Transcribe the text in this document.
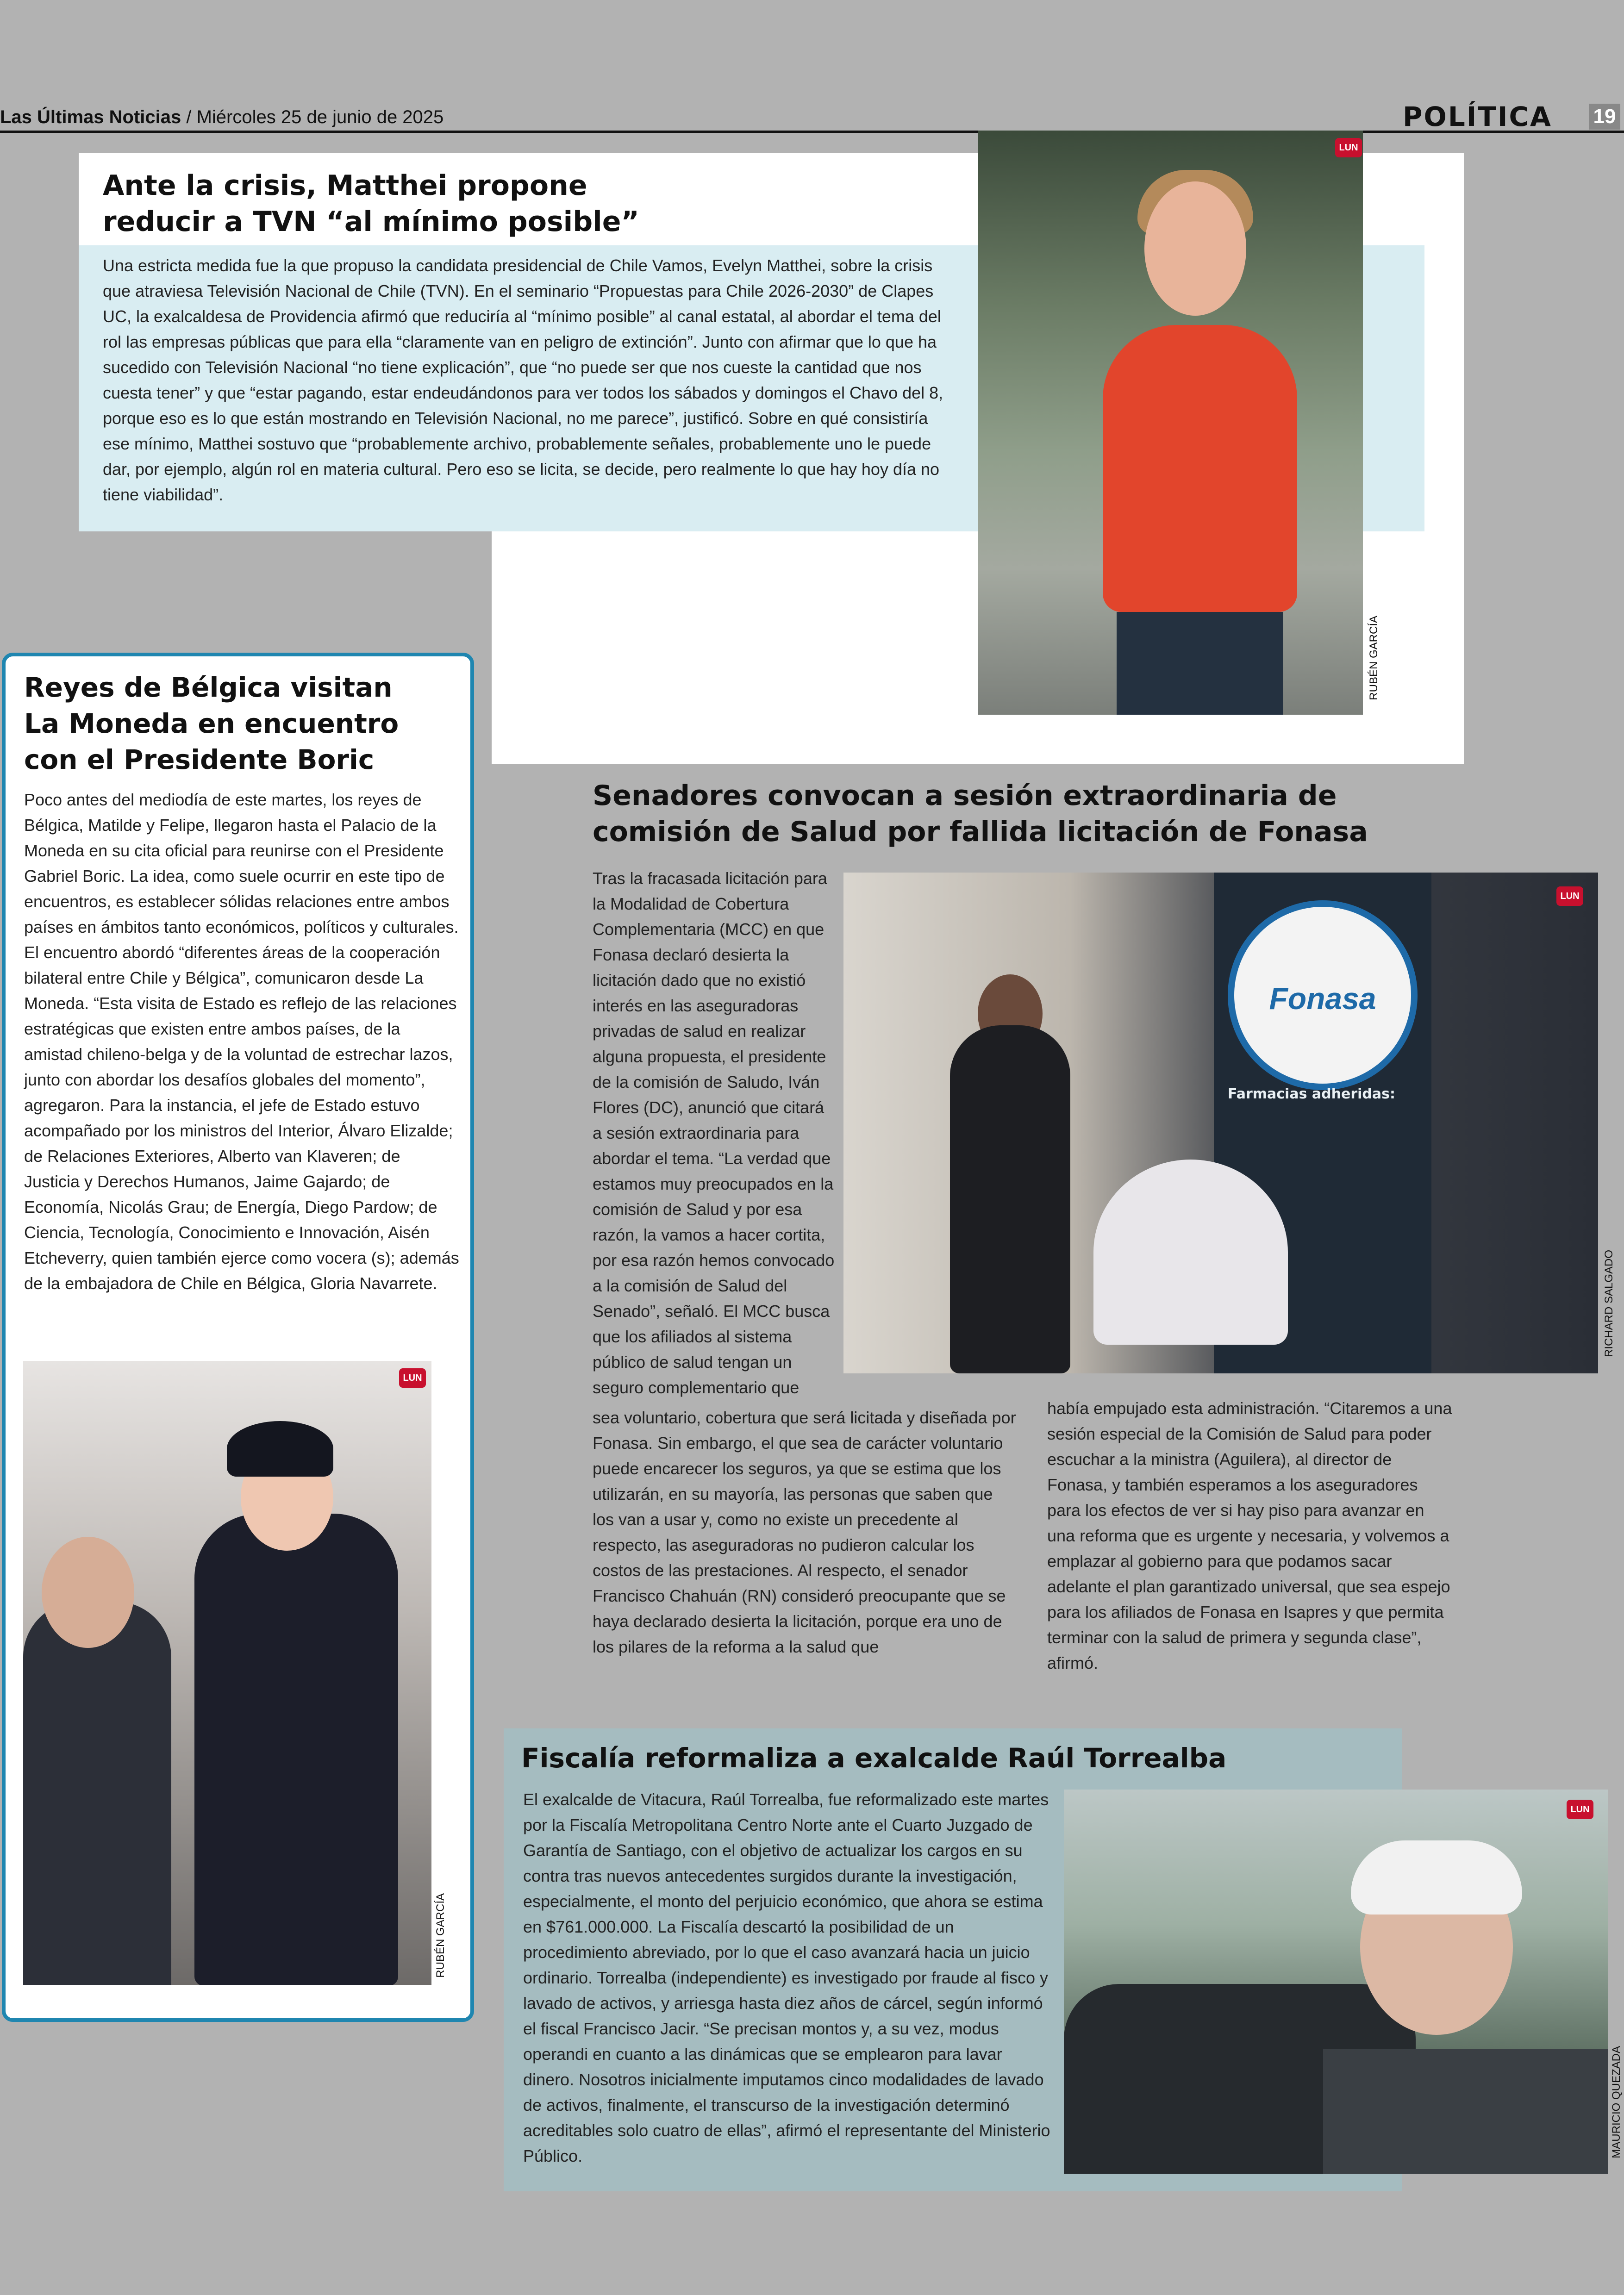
Las Últimas Noticias / Miércoles 25 de junio de 2025	POLÍTICA 19
Ante la crisis, Matthei propone
reducir a TVN “al mínimo posible”

Una estricta medida fue la que propuso la candidata presidencial de Chile Vamos, Evelyn Matthei, sobre la crisis que atraviesa Televisión Nacional de Chile (TVN). En el seminario “Propuestas para Chile 2026-2030” de Clapes UC, la exalcaldesa de Providencia afirmó que reduciría al “mínimo posible” al canal estatal, al abordar el tema del rol las empresas públicas que para ella “claramente van en peligro de extinción”. Junto con afirmar que lo que ha sucedido con Televisión Nacional “no tiene explicación”, que “no puede ser que nos cueste la cantidad que nos cuesta tener” y que “estar pagando, estar endeudándonos para ver todos los sábados y domingos el Chavo del 8, porque eso es lo que están mostrando en Televisión Nacional, no me parece”, justificó. Sobre en qué consistiría ese mínimo, Matthei sostuvo que “probablemente archivo, probablemente señales, probablemente uno le puede dar, por ejemplo, algún rol en materia cultural. Pero eso se licita, se decide, pero realmente lo que hay hoy día no tiene viabilidad”.

LUN
RUBÉN GARCÍA
Reyes de Bélgica visitan
La Moneda en encuentro
con el Presidente Boric

Poco antes del mediodía de este martes, los reyes de Bélgica, Matilde y Felipe, llegaron hasta el Palacio de la Moneda en su cita oficial para reunirse con el Presidente Gabriel Boric. La idea, como suele ocurrir en este tipo de encuentros, es establecer sólidas relaciones entre ambos países en ámbitos tanto económicos, políticos y culturales. El encuentro abordó “diferentes áreas de la cooperación bilateral entre Chile y Bélgica”, comunicaron desde La Moneda. “Esta visita de Estado es reflejo de las relaciones estratégicas que existen entre ambos países, de la amistad chileno-belga y de la voluntad de estrechar lazos, junto con abordar los desafíos globales del momento”, agregaron. Para la instancia, el jefe de Estado estuvo acompañado por los ministros del Interior, Álvaro Elizalde; de Relaciones Exteriores, Alberto van Klaveren; de Justicia y Derechos Humanos, Jaime Gajardo; de Economía, Nicolás Grau; de Energía, Diego Pardow; de Ciencia, Tecnología, Conocimiento e Innovación, Aisén Etcheverry, quien también ejerce como vocera (s); además de la embajadora de Chile en Bélgica, Gloria Navarrete.

LUN
RUBÉN GARCÍA
Senadores convocan a sesión extraordinaria de
comisión de Salud por fallida licitación de Fonasa

Tras la fracasada licitación para la Modalidad de Cobertura Complementaria (MCC) en que Fonasa declaró desierta la licitación dado que no existió interés en las aseguradoras privadas de salud en realizar alguna propuesta, el presidente de la comisión de Saludo, Iván Flores (DC), anunció que citará a sesión extraordinaria para abordar el tema. “La verdad que estamos muy preocupados en la comisión de Salud y por esa razón, la vamos a hacer cortita, por esa razón hemos convocado a la comisión de Salud del Senado”, señaló. El MCC busca que los afiliados al sistema público de salud tengan un seguro complementario que

Fonasa
Farmacias adheridas:
LUN
RICHARD SALGADO

sea voluntario, cobertura que será licitada y diseñada por Fonasa. Sin embargo, el que sea de carácter voluntario puede encarecer los seguros, ya que se estima que los utilizarán, en su mayoría, las personas que saben que los van a usar y, como no existe un precedente al respecto, las aseguradoras no pudieron calcular los costos de las prestaciones. Al respecto, el senador Francisco Chahuán (RN) consideró preocupante que se haya declarado desierta la licitación, porque era uno de los pilares de la reforma a la salud que

había empujado esta administración. “Citaremos a una sesión especial de la Comisión de Salud para poder escuchar a la ministra (Aguilera), al director de Fonasa, y también esperamos a los aseguradores para los efectos de ver si hay piso para avanzar en una reforma que es urgente y necesaria, y volvemos a emplazar al gobierno para que podamos sacar adelante el plan garantizado universal, que sea espejo para los afiliados de Fonasa en Isapres y que permita terminar con la salud de primera y segunda clase”, afirmó.

Fiscalía reformaliza a exalcalde Raúl Torrealba

El exalcalde de Vitacura, Raúl Torrealba, fue reformalizado este martes por la Fiscalía Metropolitana Centro Norte ante el Cuarto Juzgado de Garantía de Santiago, con el objetivo de actualizar los cargos en su contra tras nuevos antecedentes surgidos durante la investigación, especialmente, el monto del perjuicio económico, que ahora se estima en $761.000.000. La Fiscalía descartó la posibilidad de un procedimiento abreviado, por lo que el caso avanzará hacia un juicio ordinario. Torrealba (independiente) es investigado por fraude al fisco y lavado de activos, y arriesga hasta diez años de cárcel, según informó el fiscal Francisco Jacir. “Se precisan montos y, a su vez, modus operandi en cuanto a las dinámicas que se emplearon para lavar dinero. Nosotros inicialmente imputamos cinco modalidades de lavado de activos, finalmente, el transcurso de la investigación determinó acreditables solo cuatro de ellas”, afirmó el representante del Ministerio Público.

LUN
MAURICIO QUEZADA
